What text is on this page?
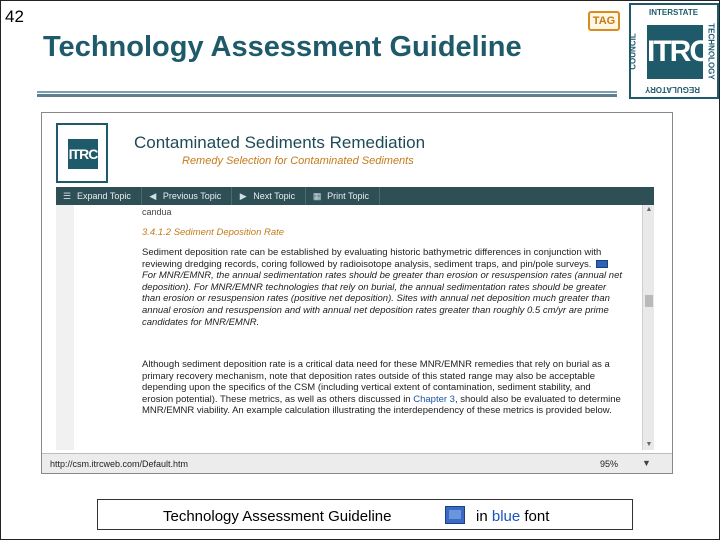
42
Technology Assessment Guideline
TAG
INTERSTATE
COUNCIL	TECHNOLOGY
ITRC
REGULATORY
ITRC
Contaminated Sediments Remediation
Remedy Selection for Contaminated Sediments
☰ Expand Topic ◀ Previous Topic ▶ Next Topic ▦ Print Topic
candua
3.4.1.2 Sediment Deposition Rate
Sediment deposition rate can be established by evaluating historic bathymetric differences in conjunction with reviewing dredging records, coring followed by radioisotope analysis, sediment traps, and pin/pole surveys. For MNR/EMNR, the annual sedimentation rates should be greater than erosion or resuspension rates (annual net deposition). For MNR/EMNR technologies that rely on burial, the annual sedimentation rates should be greater than erosion or resuspension rates (positive net deposition). Sites with annual net deposition much greater than annual erosion and resuspension and with annual net deposition rates greater than roughly 0.5 cm/yr are prime candidates for MNR/EMNR.
Although sediment deposition rate is a critical data need for these MNR/EMNR remedies that rely on burial as a primary recovery mechanism, note that deposition rates outside of this stated range may also be acceptable depending upon the specifics of the CSM (including vertical extent of contamination, sediment stability, and erosion potential). These metrics, as well as others discussed in Chapter 3, should also be evaluated to determine MNR/EMNR viability. An example calculation illustrating the interdependency of these metrics is provided below.
▲
▼
http://csm.itrcweb.com/Default.htm	95%	▼
Technology Assessment Guideline	in blue font
